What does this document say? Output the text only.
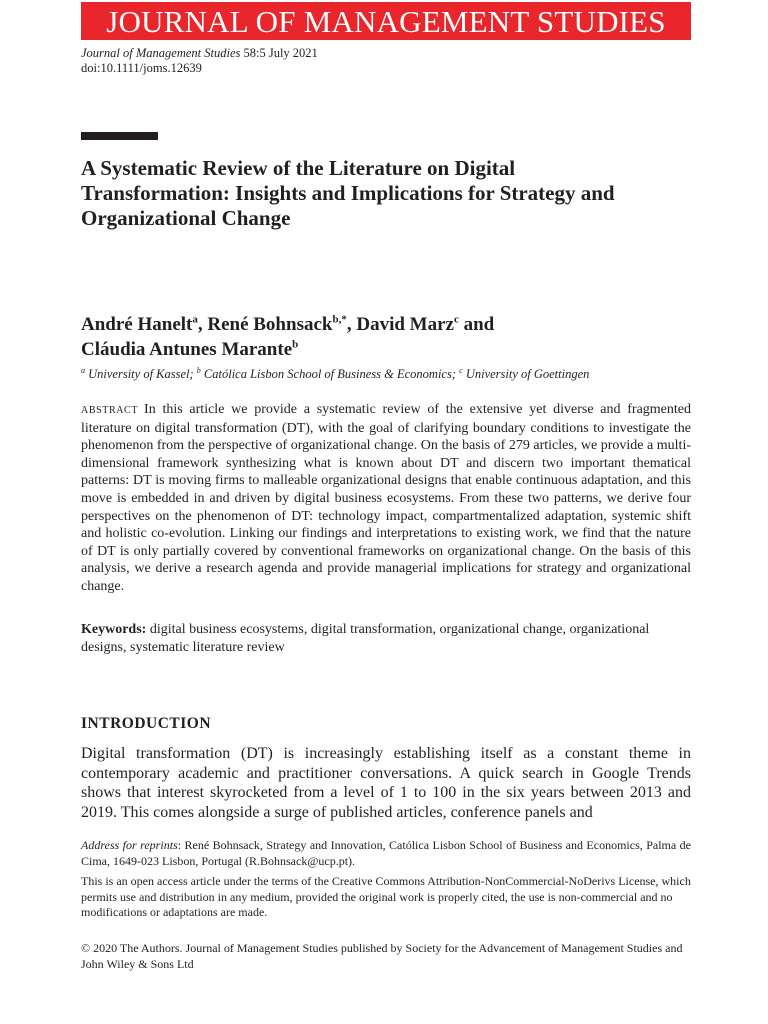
JOURNAL OF MANAGEMENT STUDIES
Journal of Management Studies 58:5 July 2021
doi:10.1111/joms.12639
A Systematic Review of the Literature on Digital Transformation: Insights and Implications for Strategy and Organizational Change
André Hanelt$^a$, René Bohnsack$^{b,*}$, David Marz$^c$ and
Cláudia Antunes Marante$^b$
$^a$ University of Kassel; $^b$ Católica Lisbon School of Business & Economics; $^c$ University of Goettingen
ABSTRACT In this article we provide a systematic review of the extensive yet diverse and fragmented literature on digital transformation (DT), with the goal of clarifying boundary conditions to investigate the phenomenon from the perspective of organizational change. On the basis of 279 articles, we provide a multi-dimensional framework synthesizing what is known about DT and discern two important thematical patterns: DT is moving firms to malleable organizational designs that enable continuous adaptation, and this move is embedded in and driven by digital business ecosystems. From these two patterns, we derive four perspectives on the phenomenon of DT: technology impact, compartmentalized adaptation, systemic shift and holistic co-evolution. Linking our findings and interpretations to existing work, we find that the nature of DT is only partially covered by conventional frameworks on organizational change. On the basis of this analysis, we derive a research agenda and provide managerial implications for strategy and organizational change.
Keywords: digital business ecosystems, digital transformation, organizational change, organizational designs, systematic literature review
INTRODUCTION
Digital transformation (DT) is increasingly establishing itself as a constant theme in contemporary academic and practitioner conversations. A quick search in Google Trends shows that interest skyrocketed from a level of 1 to 100 in the six years between 2013 and 2019. This comes alongside a surge of published articles, conference panels and
Address for reprints: René Bohnsack, Strategy and Innovation, Católica Lisbon School of Business and Economics, Palma de Cima, 1649-023 Lisbon, Portugal (R.Bohnsack@ucp.pt).
This is an open access article under the terms of the Creative Commons Attribution-NonCommercial-NoDerivs License, which permits use and distribution in any medium, provided the original work is properly cited, the use is non-commercial and no modifications or adaptations are made.
© 2020 The Authors. Journal of Management Studies published by Society for the Advancement of Management Studies and John Wiley & Sons Ltd
